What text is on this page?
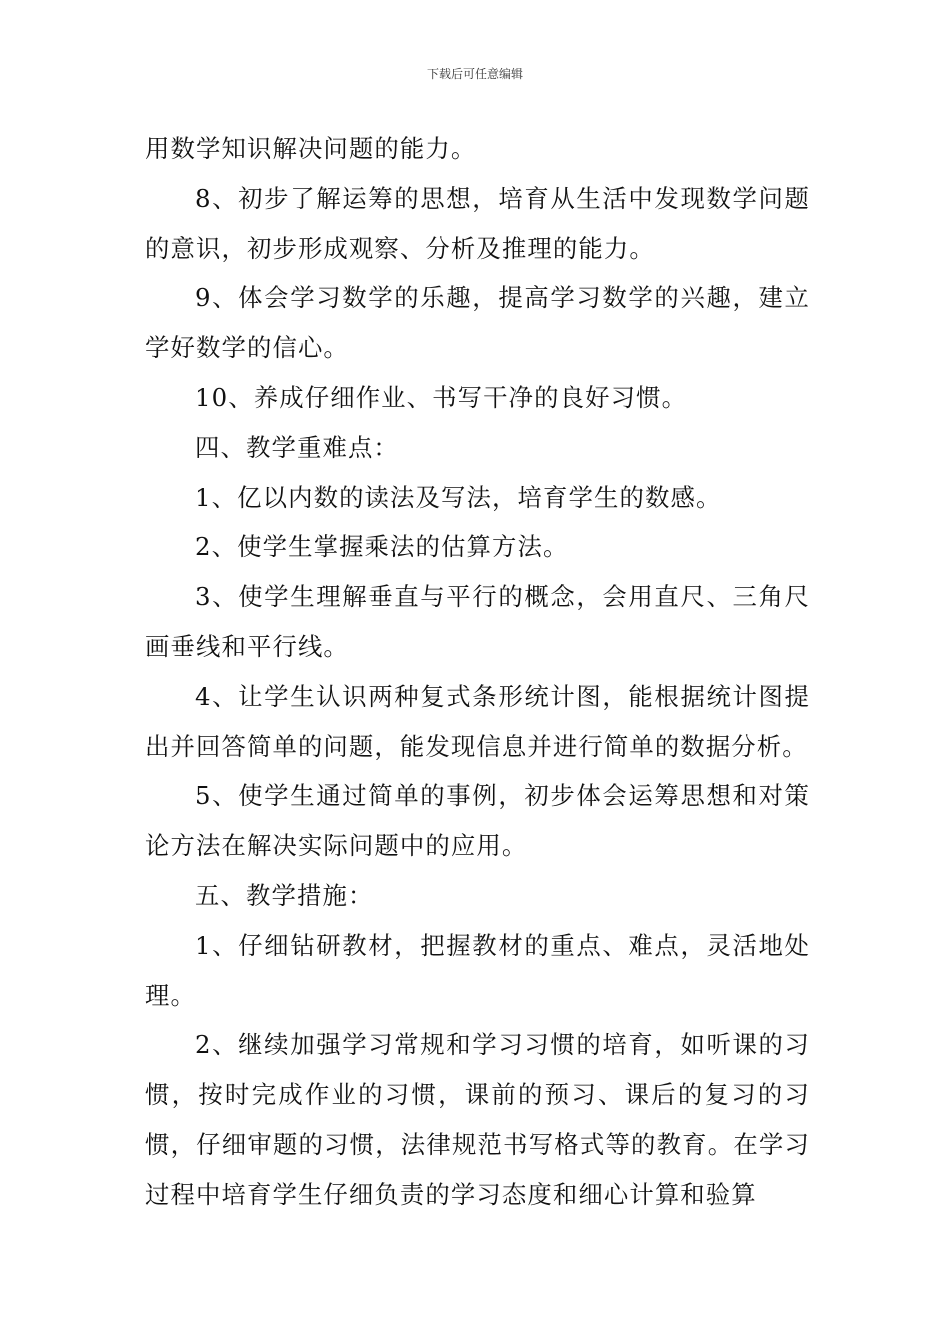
下载后可任意编辑

用数学知识解决问题的能力。

8、初步了解运筹的思想，培育从生活中发现数学问题的意识，初步形成观察、分析及推理的能力。

9、体会学习数学的乐趣，提高学习数学的兴趣，建立学好数学的信心。

10、养成仔细作业、书写干净的良好习惯。

四、教学重难点：

1、亿以内数的读法及写法，培育学生的数感。

2、使学生掌握乘法的估算方法。

3、使学生理解垂直与平行的概念，会用直尺、三角尺画垂线和平行线。

4、让学生认识两种复式条形统计图，能根据统计图提出并回答简单的问题，能发现信息并进行简单的数据分析。

5、使学生通过简单的事例，初步体会运筹思想和对策论方法在解决实际问题中的应用。

五、教学措施：

1、仔细钻研教材，把握教材的重点、难点，灵活地处理。

2、继续加强学习常规和学习习惯的培育，如听课的习惯，按时完成作业的习惯，课前的预习、课后的复习的习惯，仔细审题的习惯，法律规范书写格式等的教育。在学习过程中培育学生仔细负责的学习态度和细心计算和验算
